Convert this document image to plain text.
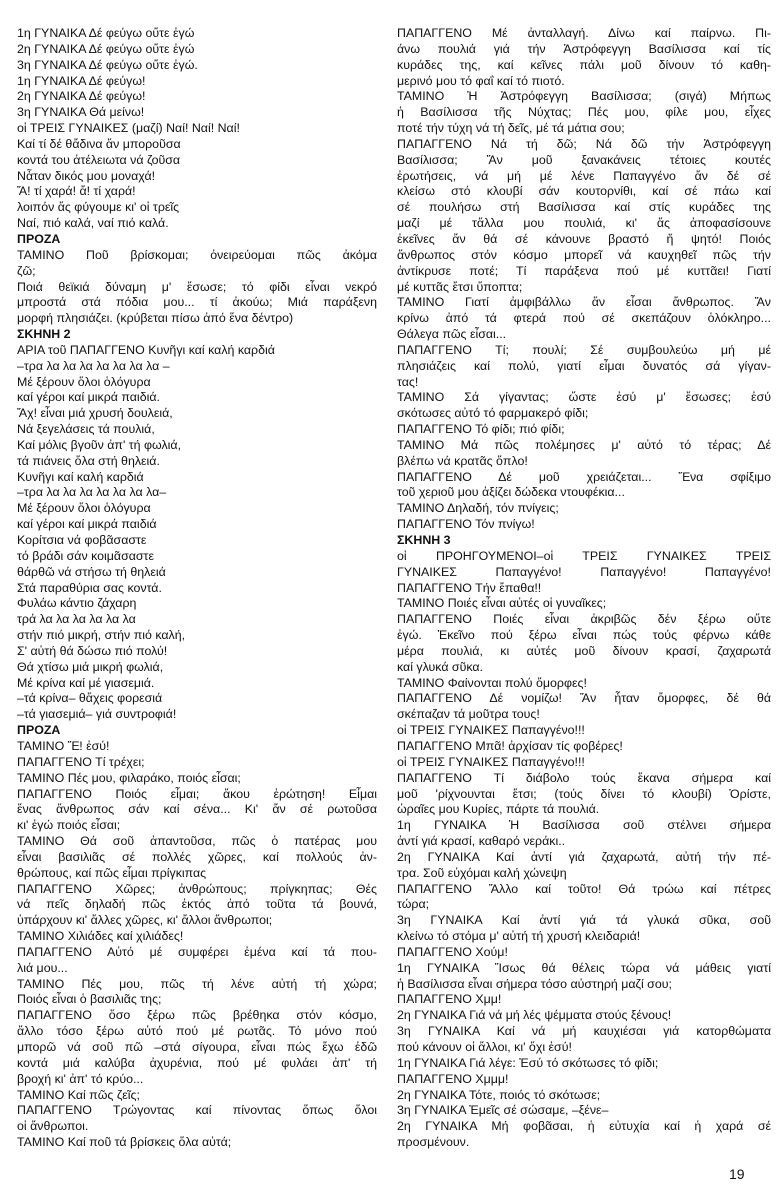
1η ΓΥΝΑΙΚΑ Δέ φεύγω οὔτε ἐγώ
2η ΓΥΝΑΙΚΑ Δέ φεύγω οὔτε ἐγώ
3η ΓΥΝΑΙΚΑ Δέ φεύγω οὔτε ἐγώ.
1η ΓΥΝΑΙΚΑ Δέ φεύγω!
2η ΓΥΝΑΙΚΑ Δέ φεύγω!
3η ΓΥΝΑΙΚΑ Θά μείνω!
οἱ ΤΡΕΙΣ ΓΥΝΑΙΚΕΣ (μαζί) Ναί! Ναί! Ναί!
Καί τί δέ θἄδινα ἄν μποροῦσα
κοντά του ἀτέλειωτα νά ζοῦσα
Νἆταν δικός μου μοναχά!
Ἄ! τί χαρά! ἄ! τί χαρά!
λοιπόν ἄς φύγουμε κι' οἱ τρεῖς
Ναί, πιό καλά, ναί πιό καλά.
ΠΡΟΖΑ
ΤΑΜΙΝΟ Ποῦ βρίσκομαι; ὀνειρεύομαι πῶς ἀκόμα
ζῶ;
Ποιά θεϊκιά δύναμη μ' ἔσωσε; τό φίδι εἶναι νεκρό
μπροστά στά πόδια μου... τί ἀκούω; Μιά παράξενη
μορφή πλησιάζει. (κρύβεται πίσω ἀπό ἕνα δέντρο)
ΣΚΗΝΗ 2
ΑΡΙΑ τοῦ ΠΑΠΑΓΓΕΝΟ Κυνῆγι καί καλή καρδιά
–τρα λα λα λα λα λα λα λα –
Μέ ξέρουν ὅλοι ὁλόγυρα
καί γέροι καί μικρά παιδιά.
Ἄχ! εἶναι μιά χρυσή δουλειά,
Νά ξεγελάσεις τά πουλιά,
Καί μόλις βγοῦν ἀπ' τή φωλιά,
τά πιάνεις ὅλα στή θηλειά.
Κυνῆγι καί καλή καρδιά
–τρα λα λα λα λα λα λα λα–
Μέ ξέρουν ὅλοι ὁλόγυρα
καί γέροι καί μικρά παιδιά
Κορίτσια νά φοβᾶσαστε
τό βράδι σάν κοιμᾶσαστε
θάρθῶ νά στήσω τή θηλειά
Στά παραθύρια σας κοντά.
Φυλάω κάντιο ζάχαρη
τρά λα λα λα λα λα λα
στήν πιό μικρή, στήν πιό καλή,
Σ' αὐτή θά δώσω πιό πολύ!
Θά χτίσω μιά μικρή φωλιά,
Μέ κρίνα καί μέ γιασεμιά.
–τά κρίνα– θἄχεις φορεσιά
–τά γιασεμιά– γιά συντροφιά!
ΠΡΟΖΑ
ΤΑΜΙΝΟ Ἔ! ἐσύ!
ΠΑΠΑΓΓΕΝΟ Τί τρέχει;
ΤΑΜΙΝΟ Πές μου, φιλαράκο, ποιός εἶσαι;
ΠΑΠΑΓΓΕΝΟ Ποιός εἶμαι; ἄκου ἐρώτηση! Εἶμαι
ἕνας ἄνθρωπος σάν καί σένα... Κι' ἄν σέ ρωτοῦσα
κι' ἐγώ ποιός εἶσαι;
ΤΑΜΙΝΟ Θά σοῦ ἀπαντοῦσα, πῶς ὁ πατέρας μου
εἶναι βασιλιᾶς σέ πολλές χῶρες, καί πολλούς ἀν-
θρώπους, καί πῶς εἶμαι πρίγκιπας
ΠΑΠΑΓΓΕΝΟ Χῶρες; ἀνθρώπους; πρίγκηπας; Θές
νά πεῖς δηλαδή πῶς ἐκτός ἀπό τοῦτα τά βουνά,
ὑπάρχουν κι' ἄλλες χῶρες, κι' ἄλλοι ἄνθρωποι;
ΤΑΜΙΝΟ Χιλιάδες καί χιλιάδες!
ΠΑΠΑΓΓΕΝΟ Αὐτό μέ συμφέρει ἐμένα καί τά που-
λιά μου...
ΤΑΜΙΝΟ Πές μου, πῶς τή λένε αὐτή τή χώρα;
Ποιός εἶναι ὁ βασιλιᾶς της;
ΠΑΠΑΓΓΕΝΟ ὅσο ξέρω πῶς βρέθηκα στόν κόσμο,
ἄλλο τόσο ξέρω αὐτό πού μέ ρωτᾶς. Τό μόνο πού
μπορῶ νά σοῦ πῶ –στά σίγουρα, εἶναι πώς ἔχω ἐδῶ
κοντά μιά καλύβα ἀχυρένια, πού μέ φυλάει ἀπ' τή
βροχή κι' ἀπ' τό κρύο...
ΤΑΜΙΝΟ Καί πῶς ζεῖς;
ΠΑΠΑΓΓΕΝΟ Τρώγοντας καί πίνοντας ὅπως ὅλοι
οἱ ἄνθρωποι.
ΤΑΜΙΝΟ Καί ποῦ τά βρίσκεις ὅλα αὐτά;
ΠΑΠΑΓΓΕΝΟ Μέ ἀνταλλαγή. Δίνω καί παίρνω. Πι-
άνω πουλιά γιά τήν Ἀστρόφεγγη Βασίλισσα καί τίς
κυράδες της, καί κεῖνες πάλι μοῦ δίνουν τό καθη-
μερινό μου τό φαΐ καί τό πιοτό.
ΤΑΜΙΝΟ Ἡ Ἀστρόφεγγη Βασίλισσα; (σιγά) Μήπως
ἡ Βασίλισσα τῆς Νύχτας; Πές μου, φίλε μου, εἶχες
ποτέ τήν τύχη νά τή δεῖς, μέ τά μάτια σου;
ΠΑΠΑΓΓΕΝΟ Νά τή δῶ; Νά δῶ τήν Ἀστρόφεγγη
Βασίλισσα; Ἄν μοῦ ξανακάνεις τέτοιες κουτές
ἐρωτήσεις, νά μή μέ λένε Παπαγγένο ἄν δέ σέ
κλείσω στό κλουβί σάν κουτορνίθι, καί σέ πάω καί
σέ πουλήσω στή Βασίλισσα καί στίς κυράδες της
μαζί μέ τἄλλα μου πουλιά, κι' ἄς ἀποφασίσουνε
ἐκεῖνες ἄν θά σέ κάνουνε βραστό ἤ ψητό! Ποιός
ἄνθρωπος στόν κόσμο μπορεῖ νά καυχηθεῖ πῶς τήν
ἀντίκρυσε ποτέ; Τί παράξενα πού μέ κυττᾶει! Γιατί
μέ κυττᾶς ἔτσι ὕποπτα;
ΤΑΜΙΝΟ Γιατί ἀμφιβάλλω ἄν εἶσαι ἄνθρωπος. Ἄν
κρίνω ἀπό τά φτερά πού σέ σκεπάζουν ὁλόκληρο...
Θάλεγα πῶς εἶσαι...
ΠΑΠΑΓΓΕΝΟ Τί; πουλί; Σέ συμβουλεύω μή μέ
πλησιάζεις καί πολύ, γιατί εἶμαι δυνατός σά γίγαν-
τας!
ΤΑΜΙΝΟ Σά γίγαντας; ὥστε ἐσύ μ' ἔσωσες; ἐσύ
σκότωσες αὐτό τό φαρμακερό φίδι;
ΠΑΠΑΓΓΕΝΟ Τό φίδι; πιό φίδι;
ΤΑΜΙΝΟ Μά πῶς πολέμησες μ' αὐτό τό τέρας; Δέ
βλέπω νά κρατᾶς ὅπλο!
ΠΑΠΑΓΓΕΝΟ Δέ μοῦ χρειάζεται... Ἕνα σφίξιμο
τοῦ χεριοῦ μου ἀξίζει δώδεκα ντουφέκια...
ΤΑΜΙΝΟ Δηλαδή, τόν πνίγεις;
ΠΑΠΑΓΓΕΝΟ Τόν πνίγω!
ΣΚΗΝΗ 3
οἱ ΠΡΟΗΓΟΥΜΕΝΟΙ–οἱ ΤΡΕΙΣ ΓΥΝΑΙΚΕΣ ΤΡΕΙΣ
ΓΥΝΑΙΚΕΣ Παπαγγένο! Παπαγγένο! Παπαγγένο!
ΠΑΠΑΓΓΕΝΟ Τήν ἔπαθα!!
ΤΑΜΙΝΟ Ποιές εἶναι αὐτές οἱ γυναῖκες;
ΠΑΠΑΓΓΕΝΟ Ποιές εἶναι ἀκριβῶς δέν ξέρω οὔτε
ἐγώ. Ἐκεῖνο πού ξέρω εἶναι πώς τούς φέρνω κάθε
μέρα πουλιά, κι αὐτές μοῦ δίνουν κρασί, ζαχαρωτά
καί γλυκά σῦκα.
ΤΑΜΙΝΟ Φαίνονται πολύ ὄμορφες!
ΠΑΠΑΓΓΕΝΟ Δέ νομίζω! Ἄν ἦταν ὄμορφες, δέ θά
σκέπαζαν τά μοῦτρα τους!
οἱ ΤΡΕΙΣ ΓΥΝΑΙΚΕΣ Παπαγγένο!!!
ΠΑΠΑΓΓΕΝΟ Μπᾶ! ἀρχίσαν τίς φοβέρες!
οἱ ΤΡΕΙΣ ΓΥΝΑΙΚΕΣ Παπαγγένο!!!
ΠΑΠΑΓΓΕΝΟ Τί διάβολο τούς ἔκανα σήμερα καί
μοῦ 'ρίχνουνται ἔτσι; (τούς δίνει τό κλουβί) Ὁρίστε,
ὡραῖες μου Κυρίες, πάρτε τά πουλιά.
1η ΓΥΝΑΙΚΑ Ἡ Βασίλισσα σοῦ στέλνει σήμερα
ἀντί γιά κρασί, καθαρό νεράκι..
2η ΓΥΝΑΙΚΑ Καί ἀντί γιά ζαχαρωτά, αὐτή τήν πέ-
τρα. Σοῦ εὐχόμαι καλή χώνεψη
ΠΑΠΑΓΓΕΝΟ Ἄλλο καί τοῦτο! Θά τρώω καί πέτρες
τώρα;
3η ΓΥΝΑΙΚΑ Καί ἀντί γιά τά γλυκά σῦκα, σοῦ
κλείνω τό στόμα μ' αὐτή τή χρυσή κλειδαριά!
ΠΑΠΑΓΓΕΝΟ Χούμ!
1η ΓΥΝΑΙΚΑ Ἴσως θά θέλεις τώρα νά μάθεις γιατί
ἡ Βασίλισσα εἶναι σήμερα τόσο αὐστηρή μαζί σου;
ΠΑΠΑΓΓΕΝΟ Χμμ!
2η ΓΥΝΑΙΚΑ Γιά νά μή λές ψέμματα στούς ξένους!
3η ΓΥΝΑΙΚΑ Καί νά μή καυχιέσαι γιά κατορθώματα
πού κάνουν οἱ ἄλλοι, κι' ὄχι ἐσύ!
1η ΓΥΝΑΙΚΑ Γιά λέγε: Ἐσύ τό σκότωσες τό φίδι;
ΠΑΠΑΓΓΕΝΟ Χμμμ!
2η ΓΥΝΑΙΚΑ Τότε, ποιός τό σκότωσε;
3η ΓΥΝΑΙΚΑ Ἐμεῖς σέ σώσαμε, –ξένε–
2η ΓΥΝΑΙΚΑ Μή φοβᾶσαι, ἡ εὐτυχία καί ἡ χαρά σέ
προσμένουν.
19
